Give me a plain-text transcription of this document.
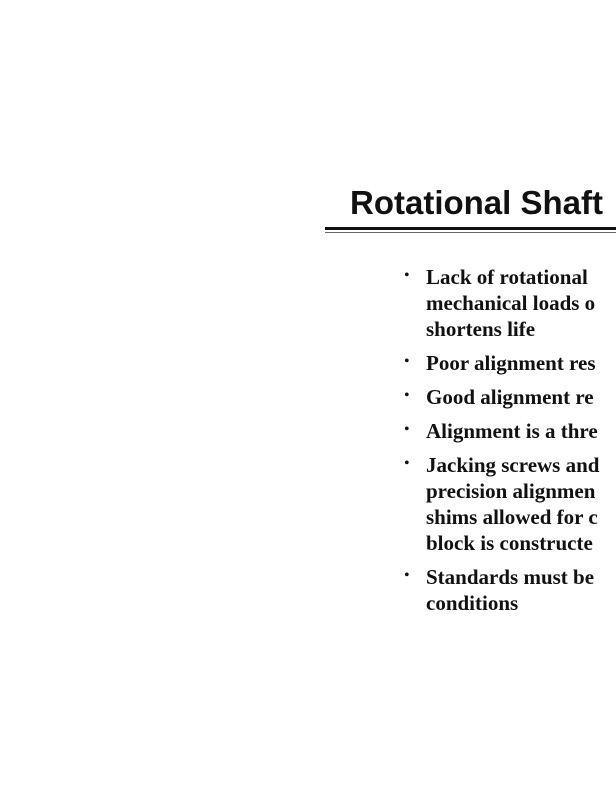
Rotational Shaft
• Lack of rotational
mechanical loads o
shortens life
• Poor alignment res
• Good alignment re
• Alignment is a thre
• Jacking screws and
precision alignmen
shims allowed for c
block is constructe
• Standards must be
conditions
